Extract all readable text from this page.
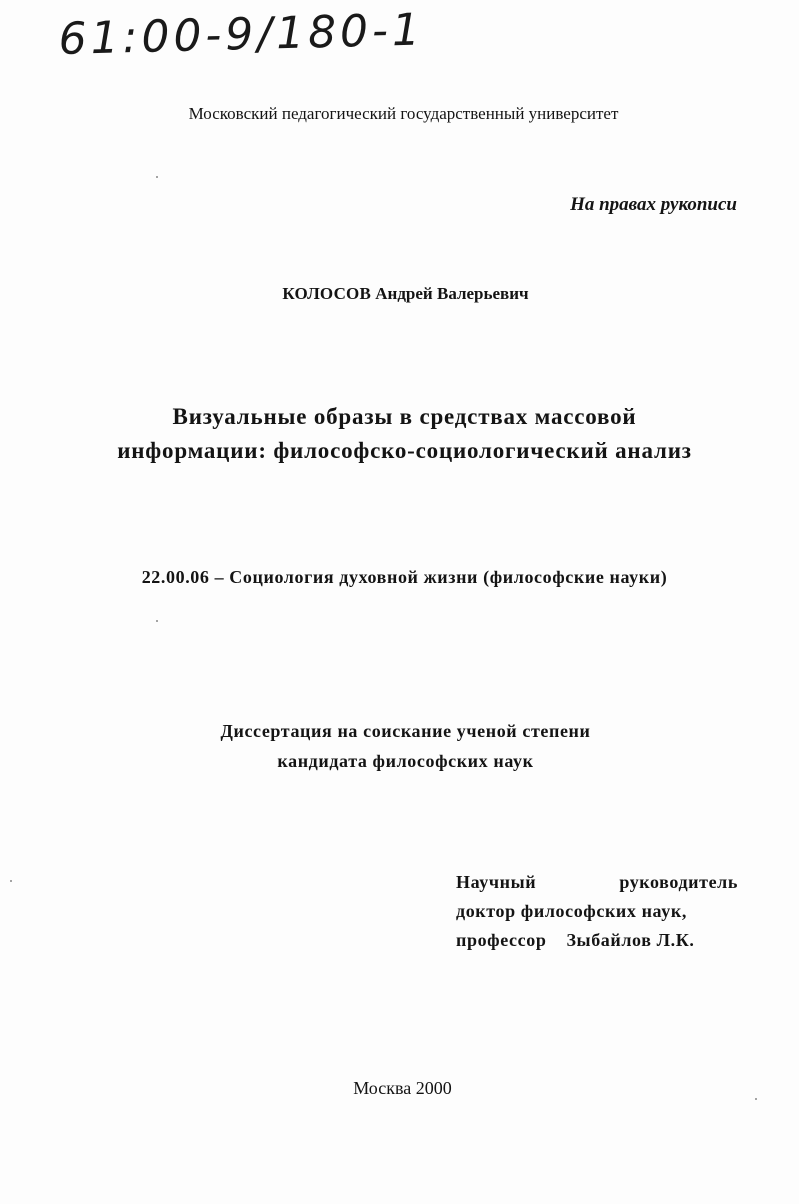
61:00-9/180-1
Московский педагогический государственный университет
На правах рукописи
КОЛОСОВ Андрей Валерьевич
Визуальные образы в средствах массовой
информации: философско-социологический анализ
22.00.06 – Социология духовной жизни (философские науки)
Диссертация на соискание ученой степени
кандидата философских наук
Научный	руководитель
доктор философских наук,
профессор Зыбайлов Л.К.
Москва 2000
